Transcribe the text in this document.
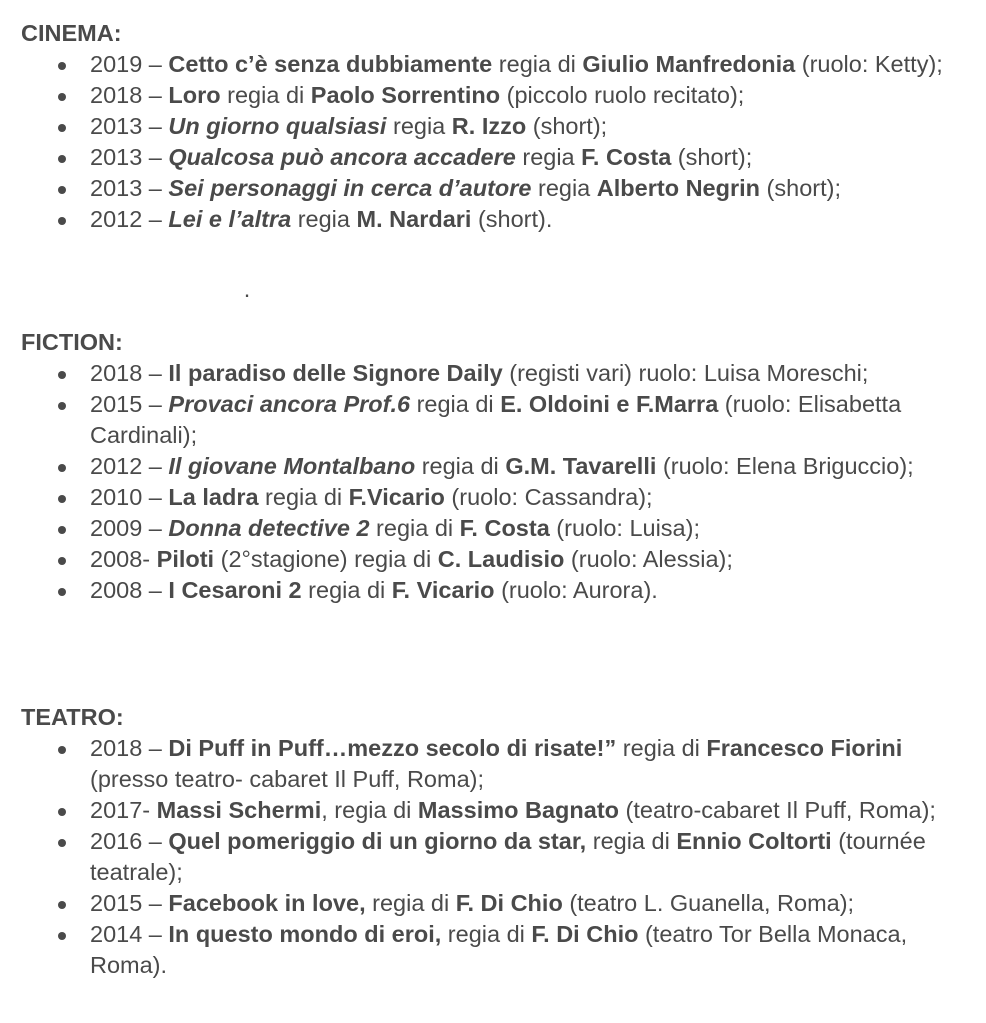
CINEMA:
2019 – Cetto c’è senza dubbiamente regia di Giulio Manfredonia (ruolo: Ketty);
2018 – Loro regia di Paolo Sorrentino (piccolo ruolo recitato);
2013 – Un giorno qualsiasi regia R. Izzo (short);
2013 – Qualcosa può ancora accadere regia F. Costa (short);
2013 – Sei personaggi in cerca d’autore regia Alberto Negrin (short);
2012 – Lei e l’altra regia M. Nardari (short).
.
FICTION:
2018 – Il paradiso delle Signore Daily (registi vari) ruolo: Luisa Moreschi;
2015 – Provaci ancora Prof.6 regia di E. Oldoini e F.Marra (ruolo: Elisabetta Cardinali);
2012 – Il giovane Montalbano regia di G.M. Tavarelli (ruolo: Elena Briguccio);
2010 – La ladra regia di F.Vicario (ruolo: Cassandra);
2009 – Donna detective 2 regia di F. Costa (ruolo: Luisa);
2008- Piloti (2°stagione) regia di C. Laudisio (ruolo: Alessia);
2008 – I Cesaroni 2 regia di F. Vicario (ruolo: Aurora).
TEATRO:
2018 – Di Puff in Puff…mezzo secolo di risate!” regia di Francesco Fiorini (presso teatro- cabaret Il Puff, Roma);
2017- Massi Schermi, regia di Massimo Bagnato (teatro-cabaret Il Puff, Roma);
2016 – Quel pomeriggio di un giorno da star, regia di Ennio Coltorti (tournée teatrale);
2015 – Facebook in love, regia di F. Di Chio (teatro L. Guanella, Roma);
2014 – In questo mondo di eroi, regia di F. Di Chio (teatro Tor Bella Monaca, Roma).
